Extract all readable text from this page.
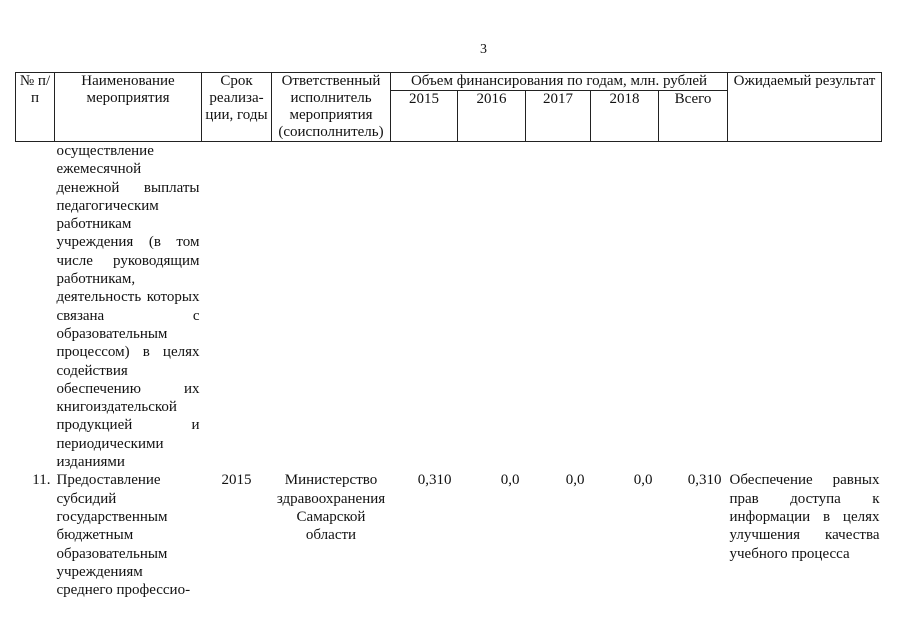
3
№ п/п	Наименование мероприятия	Срок реализа-ции, годы	Ответственный исполнитель мероприятия (соисполнитель)	Объем финансирования по годам, млн. рублей					Ожидаемый результат
				2015	2016	2017	2018	Всего	
	осуществление ежемесячной денежной выплаты педагогическим работникам учреждения (в том числе руководящим работникам, деятельность которых связана с образовательным процессом) в целях содействия обеспечению их книгоиздательской продукцией и периодическими изданиями								
11.	Предоставление субсидий государственным бюджетным образовательным учреждениям среднего профессио-	2015	Министерство здравоохранения Самарской области	0,310	0,0	0,0	0,0	0,310	Обеспечение равных прав доступа к информации в целях улучшения качества учебного процесса
